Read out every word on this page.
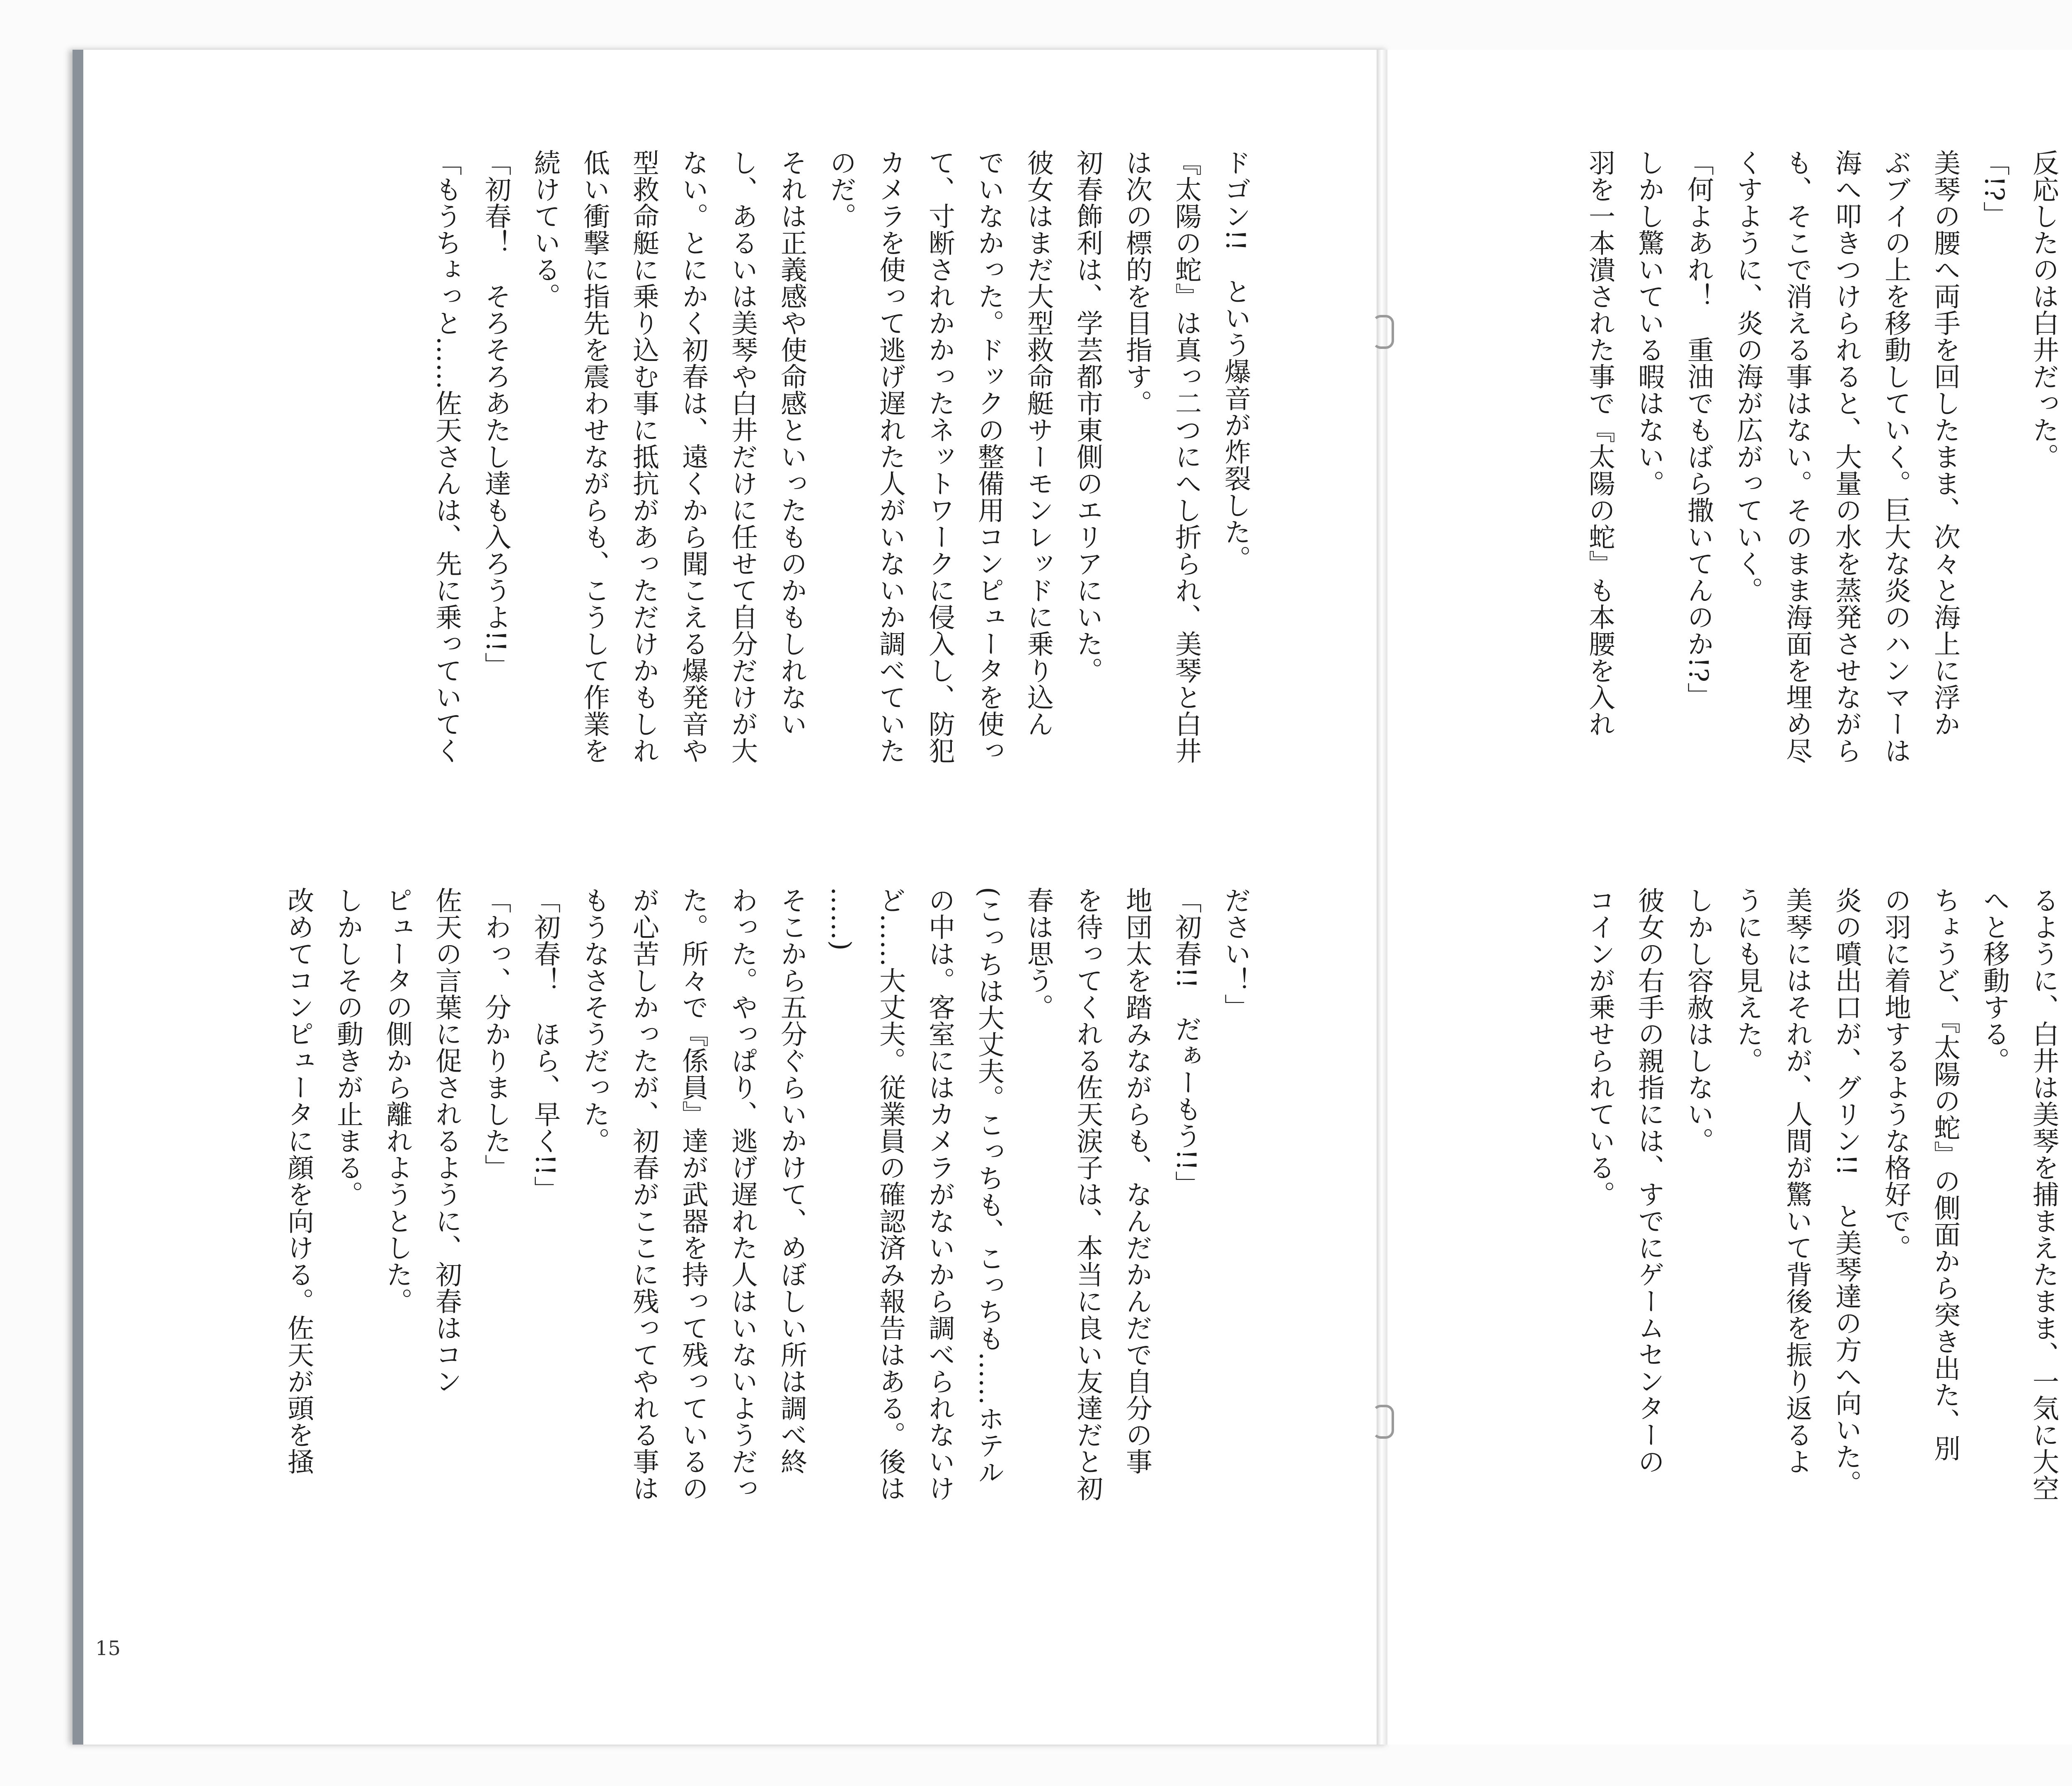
ドゴン!!　という爆音が炸裂した。

『太陽の蛇』は真っ二つにへし折られ、美琴と白井

は次の標的を目指す。

初春飾利は、学芸都市東側のエリアにいた。

彼女はまだ大型救命艇サーモンレッドに乗り込ん

でいなかった。ドックの整備用コンピュータを使っ

て、寸断されかかったネットワークに侵入し、防犯

カメラを使って逃げ遅れた人がいないか調べていた

のだ。

それは正義感や使命感といったものかもしれない

し、あるいは美琴や白井だけに任せて自分だけが大

ない。とにかく初春は、遠くから聞こえる爆発音や

型救命艇に乗り込む事に抵抗があっただけかもしれ

低い衝撃に指先を震わせながらも、こうして作業を

続けている。

「初春！　そろそろあたし達も入ろうよ!!」

「もうちょっと……佐天さんは、先に乗っていてく

ださい！」

「初春!!　だぁーもう!!」

地団太を踏みながらも、なんだかんだで自分の事

を待ってくれる佐天涙子は、本当に良い友達だと初

春は思う。

(こっちは大丈夫。こっちも、こっちも……ホテル

の中は。客室にはカメラがないから調べられないけ

ど……大丈夫。従業員の確認済み報告はある。後は

……)

そこから五分ぐらいかけて、めぼしい所は調べ終

わった。やっぱり、逃げ遅れた人はいないようだっ

た。所々で『係員』達が武器を持って残っているの

が心苦しかったが、初春がここに残ってやれる事は

もうなさそうだった。

「初春！　ほら、早く!!」

「わっ、分かりました」

佐天の言葉に促されるように、初春はコン

ピュータの側から離れようとした。

しかしその動きが止まる。

改めてコンピュータに顔を向ける。佐天が頭を掻

15

反応したのは白井だった。

「!?」

美琴の腰へ両手を回したまま、次々と海上に浮か

ぶブイの上を移動していく。巨大な炎のハンマーは

海へ叩きつけられると、大量の水を蒸発させながら

も、そこで消える事はない。そのまま海面を埋め尽

くすように、炎の海が広がっていく。

「何よあれ！　重油でもばら撒いてんのか!?」

しかし驚いている暇はない。

羽を一本潰された事で『太陽の蛇』も本腰を入れ

るように、白井は美琴を捕まえたまま、一気に大空

へと移動する。

ちょうど、『太陽の蛇』の側面から突き出た、別

の羽に着地するような格好で。

炎の噴出口が、グリン!!　と美琴達の方へ向いた。

美琴にはそれが、人間が驚いて背後を振り返るよ

うにも見えた。

しかし容赦はしない。

彼女の右手の親指には、すでにゲームセンターの

コインが乗せられている。
